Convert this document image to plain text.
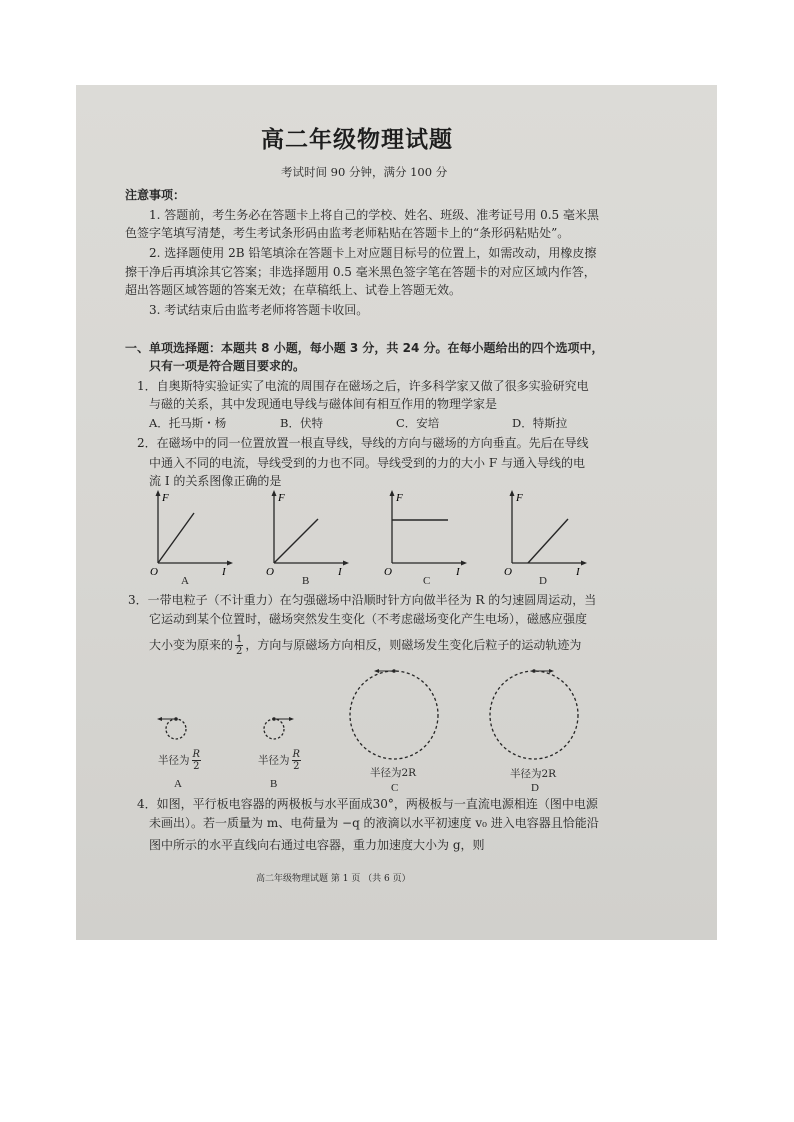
高二年级物理试题
考试时间 90 分钟，满分 100 分
注意事项：
1. 答题前，考生务必在答题卡上将自己的学校、姓名、班级、准考证号用 0.5 毫米黑
色签字笔填写清楚，考生考试条形码由监考老师粘贴在答题卡上的“条形码粘贴处”。
2. 选择题使用 2B 铅笔填涂在答题卡上对应题目标号的位置上，如需改动，用橡皮擦
擦干净后再填涂其它答案；非选择题用 0.5 毫米黑色签字笔在答题卡的对应区域内作答，
超出答题区域答题的答案无效；在草稿纸上、试卷上答题无效。
3. 考试结束后由监考老师将答题卡收回。
一、单项选择题：本题共 8 小题，每小题 3 分，共 24 分。在每小题给出的四个选项中，
只有一项是符合题目要求的。
1．自奥斯特实验证实了电流的周围存在磁场之后，许多科学家又做了很多实验研究电
与磁的关系，其中发现通电导线与磁体间有相互作用的物理学家是
A．托马斯・杨	B．伏特	C．安培	D．特斯拉
2．在磁场中的同一位置放置一根直导线，导线的方向与磁场的方向垂直。先后在导线
中通入不同的电流，导线受到的力也不同。导线受到的力的大小 F 与通入导线的电
流 I 的关系图像正确的是
F
O	I
A
F
O	I
B
F
O	I
C
F
O	I
D
3．一带电粒子（不计重力）在匀强磁场中沿顺时针方向做半径为 R 的匀速圆周运动，当
它运动到某个位置时，磁场突然发生变化（不考虑磁场变化产生电场），磁感应强度
大小变为原来的 $\frac{1}{2}$ ，方向与原磁场方向相反，则磁场发生变化后粒子的运动轨迹为
半径为 $\frac{R}{2}$
A
半径为 $\frac{R}{2}$
B
半径为2R
C
半径为2R
D
4．如图，平行板电容器的两极板与水平面成30°，两极板与一直流电源相连（图中电源
未画出）。若一质量为 m、电荷量为 −q 的液滴以水平初速度 v₀ 进入电容器且恰能沿
图中所示的水平直线向右通过电容器，重力加速度大小为 g，则
高二年级物理试题 第 1 页 （共 6 页）
